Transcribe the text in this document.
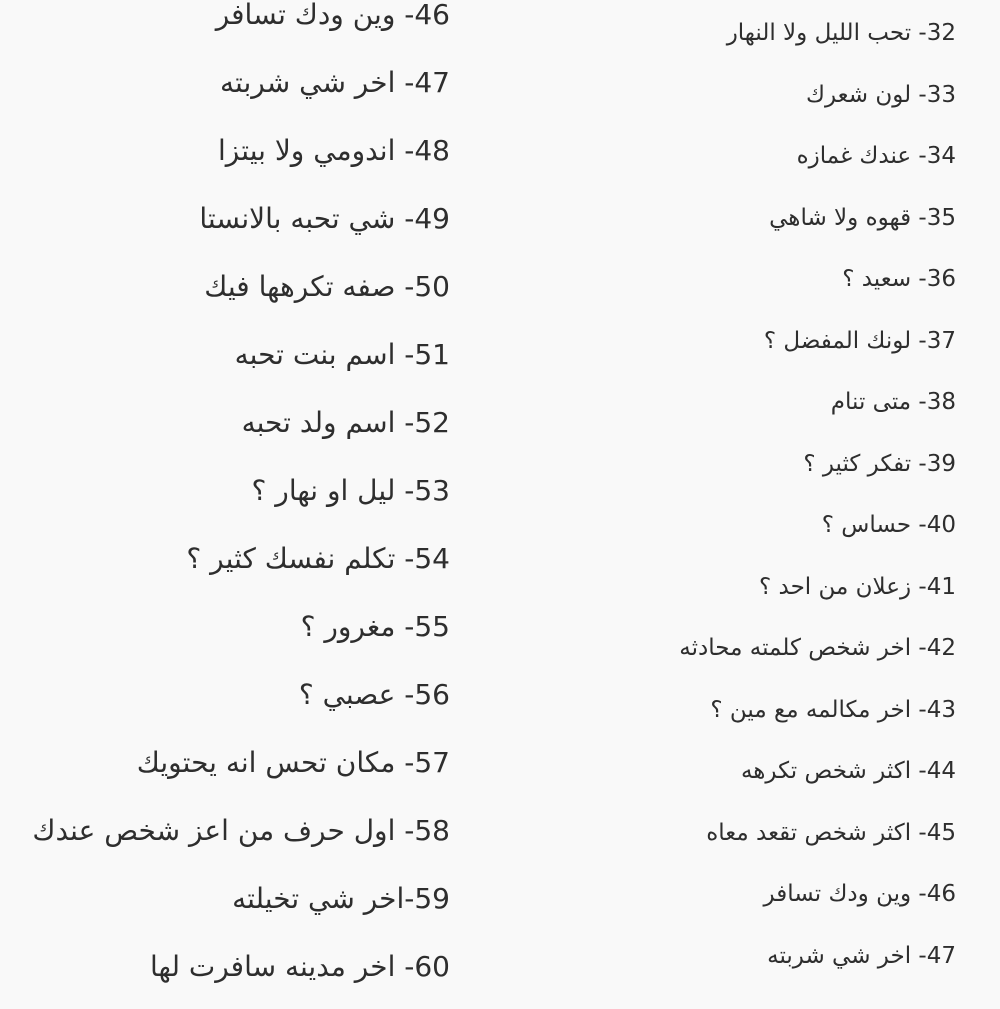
46- وين ودك تسافر
47- اخر شي شربته
48- اندومي ولا بيتزا
49- شي تحبه بالانستا
50- صفه تكرهها فيك
51- اسم بنت تحبه
52- اسم ولد تحبه
53- ليل او نهار ؟
54- تكلم نفسك كثير ؟
55- مغرور ؟
56- عصبي ؟
57- مكان تحس انه يحتويك
58- اول حرف من اعز شخص عندك
59-اخر شي تخيلته
60- اخر مدينه سافرت لها
32- تحب الليل ولا النهار
33- لون شعرك
34- عندك غمازه
35- قهوه ولا شاهي
36- سعيد ؟
37- لونك المفضل ؟
38- متى تنام
39- تفكر كثير ؟
40- حساس ؟
41- زعلان من احد ؟
42- اخر شخص كلمته محادثه
43- اخر مكالمه مع مين ؟
44- اكثر شخص تكرهه
45- اكثر شخص تقعد معاه
46- وين ودك تسافر
47- اخر شي شربته
